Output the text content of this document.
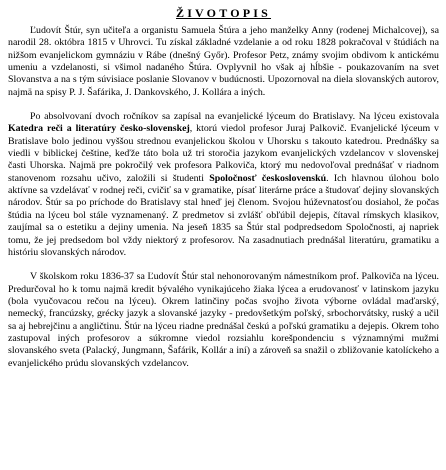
ŽIVOTOPIS

Ľudovít Štúr, syn učiteľa a organistu Samuela Štúra a jeho manželky Anny (rodenej Michalcovej), sa narodil 28. októbra 1815 v Uhrovci. Tu získal základné vzdelanie a od roku 1828 pokračoval v štúdiách na nižšom evanjelickom gymnáziu v Rábe (dnešný Győr). Profesor Petz, známy svojim obdivom k antickému umeniu a vzdelanosti, si všimol nadaného Štúra. Ovplyvnil ho však aj hĺbšie - poukazovaním na svet Slovanstva a na s tým súvisiace poslanie Slovanov v budúcnosti. Upozornoval na diela slovanských autorov, najmä na spisy P. J. Šafárika, J. Dankovského, J. Kollára a iných.

Po absolvovaní dvoch ročníkov sa zapísal na evanjelické lýceum do Bratislavy. Na lýceu existovala Katedra reči a literatúry česko-slovenskej, ktorú viedol profesor Juraj Palkovič. Evanjelické lýceum v Bratislave bolo jedinou vyššou strednou evanjelickou školou v Uhorsku s takouto katedrou. Prednášky sa viedli v biblickej češtine, keďže táto bola už tri storočia jazykom evanjelických vzdelancov v slovenskej časti Uhorska. Najmä pre pokročilý vek profesora Palkoviča, ktorý mu nedovoľoval prednášať v riadnom stanovenom rozsahu učivo, založili si študenti Spoločnosť československú. Ich hlavnou úlohou bolo aktívne sa vzdelávať v rodnej reči, cvičiť sa v gramatike, písať literárne práce a študovať dejiny slovanských národov. Štúr sa po príchode do Bratislavy stal hneď jej členom. Svojou húževnatosťou dosiahol, že počas štúdia na lýceu bol stále vyznamenaný. Z predmetov si zvlášť obľúbil dejepis, čítaval rímskych klasikov, zaujímal sa o estetiku a dejiny umenia. Na jeseň 1835 sa Štúr stal podpredsedom Spoločnosti, aj napriek tomu, že jej predsedom bol vždy niektorý z profesorov. Na zasadnutiach prednášal literatúru, gramatiku a históriu slovanských národov.

V školskom roku 1836-37 sa Ľudovít Štúr stal nehonorovaným námestníkom prof. Palkoviča na lýceu. Predurčoval ho k tomu najmä kredit bývalého vynikajúceho žiaka lýcea a erudovanosť v latinskom jazyku (bola vyučovacou rečou na lýceu). Okrem latinčiny počas svojho života výborne ovládal maďarský, nemecký, francúzsky, grécky jazyk a slovanské jazyky - predovšetkým poľský, srbochorvátsky, ruský a učil sa aj hebrejčinu a angličtinu. Štúr na lýceu riadne prednášal českú a poľskú gramatiku a dejepis. Okrem toho zastupoval iných profesorov a súkromne viedol rozsiahlu korešpondenciu s významnými mužmi slovanského sveta (Palacký, Jungmann, Šafárik, Kollár a iní) a zároveň sa snažil o zbližovanie katolíckeho a evanjelického prúdu slovanských vzdelancov.
